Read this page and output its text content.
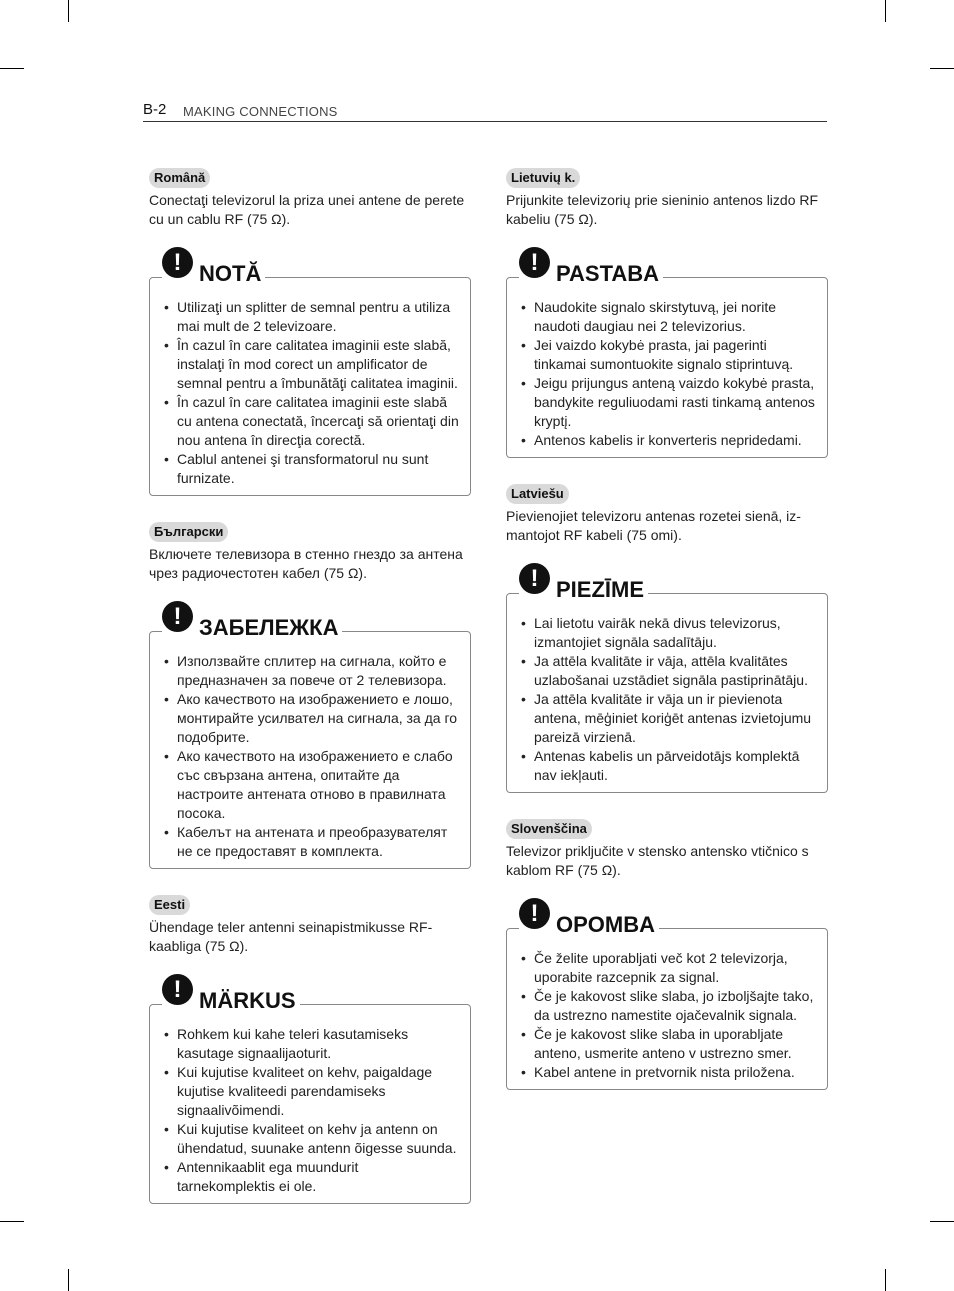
B-2 MAKING CONNECTIONS
Română
Conectaţi televizorul la priza unei antene de perete cu un cablu RF (75 Ω).
! NOTĂ
• Utilizaţi un splitter de semnal pentru a utiliza mai mult de 2 televizoare.
• În cazul în care calitatea imaginii este slabă, instalaţi în mod corect un amplificator de semnal pentru a îmbunătăţi calitatea imaginii.
• În cazul în care calitatea imaginii este slabă cu antena conectată, încercaţi să orientaţi din nou antena în direcţia corectă.
• Cablul antenei şi transformatorul nu sunt furnizate.
Български
Включете телевизора в стенно гнездо за антена чрез радиочестотен кабел (75 Ω).
! ЗАБЕЛЕЖКА
• Използвайте сплитер на сигнала, който е предназначен за повече от 2 телевизора.
• Ако качеството на изображението е лошо, монтирайте усилвател на сигнала, за да го подобрите.
• Ако качеството на изображението е слабо със свързана антена, опитайте да настроите антената отново в правилната посока.
• Кабелът на антената и преобразувателят не се предоставят в комплекта.
Eesti
Ühendage teler antenni seinapistmikusse RF-kaabliga (75 Ω).
! MÄRKUS
• Rohkem kui kahe teleri kasutamiseks kasutage signaalijaoturit.
• Kui kujutise kvaliteet on kehv, paigaldage kujutise kvaliteedi parendamiseks signaalivõimendi.
• Kui kujutise kvaliteet on kehv ja antenn on ühendatud, suunake antenn õigesse suunda.
• Antennikaablit ega muundurit tarnekomplektis ei ole.
Lietuvių k.
Prijunkite televizorių prie sieninio antenos lizdo RF kabeliu (75 Ω).
! PASTABA
• Naudokite signalo skirstytuvą, jei norite naudoti daugiau nei 2 televizorius.
• Jei vaizdo kokybė prasta, jai pagerinti tinkamai sumontuokite signalo stiprintuvą.
• Jeigu prijungus anteną vaizdo kokybė prasta, bandykite reguliuodami rasti tinkamą antenos kryptį.
• Antenos kabelis ir konverteris nepridedami.
Latviešu
Pievienojiet televizoru antenas rozetei sienā, iz-mantojot RF kabeli (75 omi).
! PIEZĪME
• Lai lietotu vairāk nekā divus televizorus, izmantojiet signāla sadalītāju.
• Ja attēla kvalitāte ir vāja, attēla kvalitātes uzlabošanai uzstādiet signāla pastiprinātāju.
• Ja attēla kvalitāte ir vāja un ir pievienota antena, mēģiniet koriģēt antenas izvietojumu pareizā virzienā.
• Antenas kabelis un pārveidotājs komplektā nav iekļauti.
Slovenščina
Televizor priključite v stensko antensko vtičnico s kablom RF (75 Ω).
! OPOMBA
• Če želite uporabljati več kot 2 televizorja, uporabite razcepnik za signal.
• Če je kakovost slike slaba, jo izboljšajte tako, da ustrezno namestite ojačevalnik signala.
• Če je kakovost slike slaba in uporabljate anteno, usmerite anteno v ustrezno smer.
• Kabel antene in pretvornik nista priložena.
